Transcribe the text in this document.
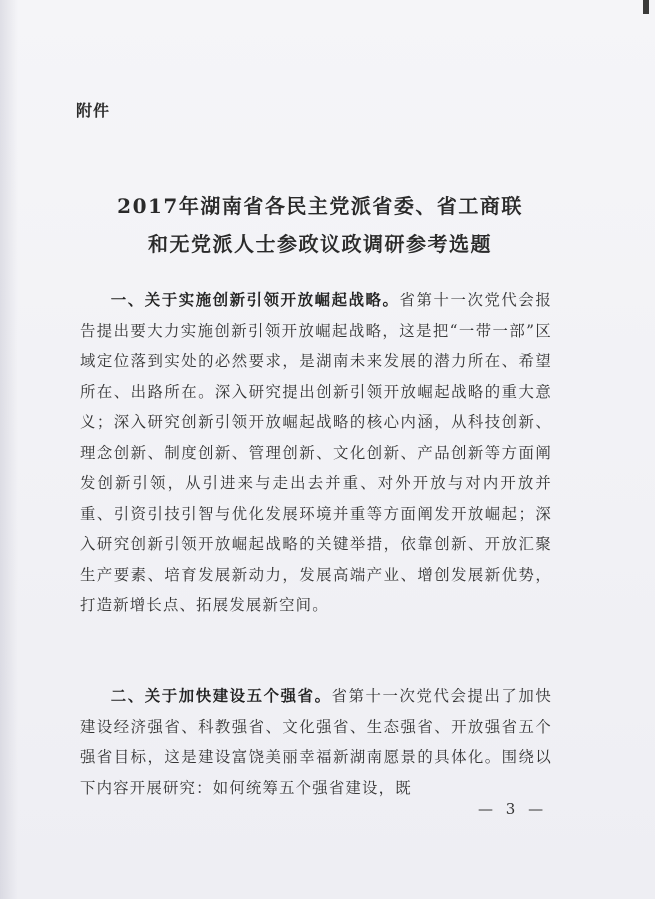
附件
2017年湖南省各民主党派省委、省工商联
和无党派人士参政议政调研参考选题

一、关于实施创新引领开放崛起战略。省第十一次党代会报告提出要大力实施创新引领开放崛起战略，这是把“一带一部”区域定位落到实处的必然要求，是湖南未来发展的潜力所在、希望所在、出路所在。深入研究提出创新引领开放崛起战略的重大意义；深入研究创新引领开放崛起战略的核心内涵，从科技创新、理念创新、制度创新、管理创新、文化创新、产品创新等方面阐发创新引领，从引进来与走出去并重、对外开放与对内开放并重、引资引技引智与优化发展环境并重等方面阐发开放崛起；深入研究创新引领开放崛起战略的关键举措，依靠创新、开放汇聚生产要素、培育发展新动力，发展高端产业、增创发展新优势，打造新增长点、拓展发展新空间。

二、关于加快建设五个强省。省第十一次党代会提出了加快建设经济强省、科教强省、文化强省、生态强省、开放强省五个强省目标，这是建设富饶美丽幸福新湖南愿景的具体化。围绕以下内容开展研究：如何统筹五个强省建设，既

— 3 —
